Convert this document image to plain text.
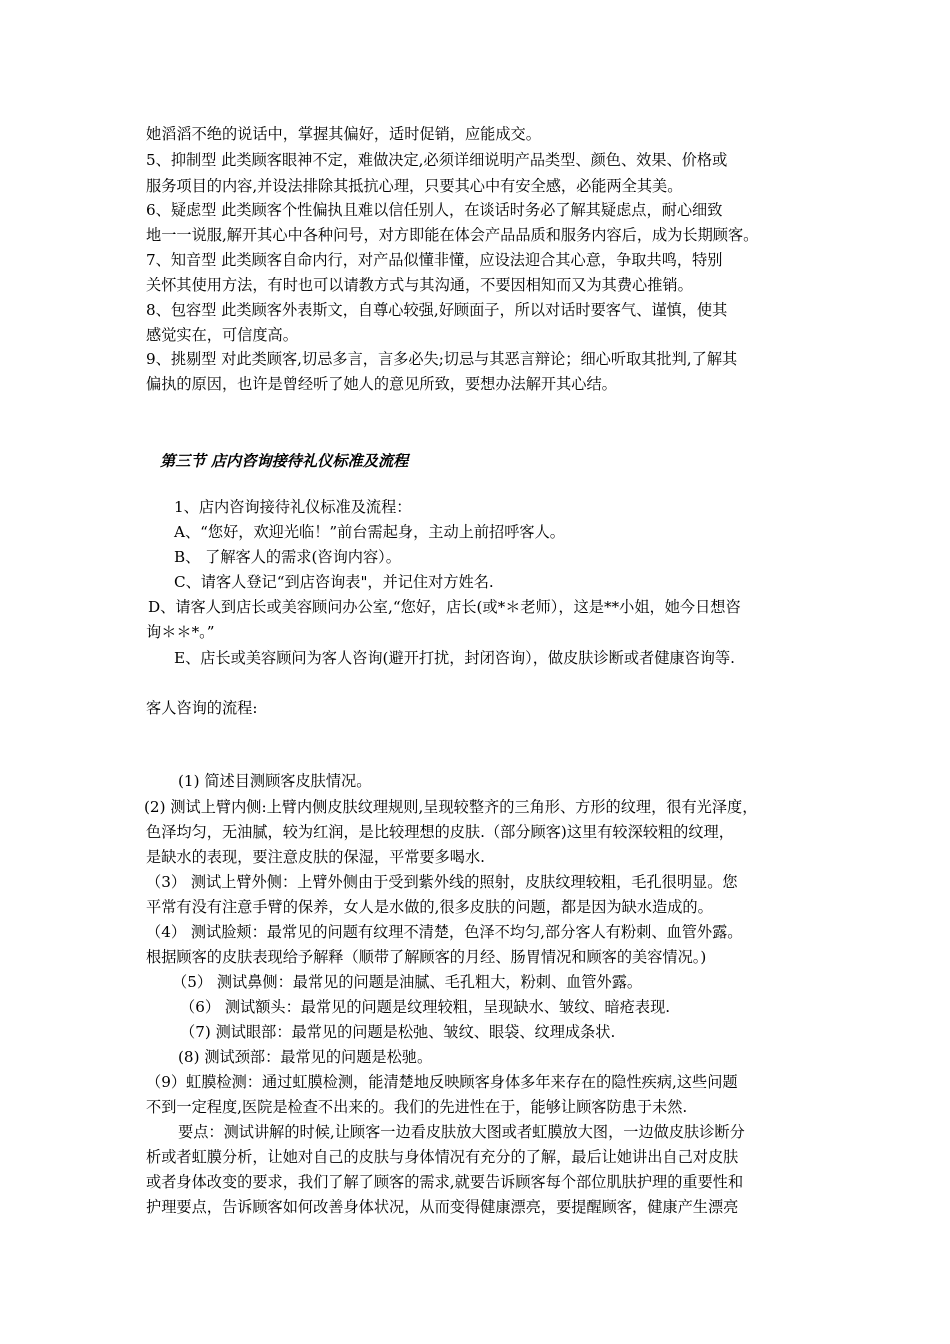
她滔滔不绝的说话中，掌握其偏好，适时促销，应能成交。
5、抑制型 此类顾客眼神不定，难做决定,必须详细说明产品类型、颜色、效果、价格或
服务项目的内容,并设法排除其抵抗心理，只要其心中有安全感，必能两全其美。
6、疑虑型 此类顾客个性偏执且难以信任别人，在谈话时务必了解其疑虑点，耐心细致
地一一说服,解开其心中各种问号，对方即能在体会产品品质和服务内容后，成为长期顾客。
7、知音型 此类顾客自命内行，对产品似懂非懂，应设法迎合其心意，争取共鸣，特别
关怀其使用方法，有时也可以请教方式与其沟通，不要因相知而又为其费心推销。
8、包容型 此类顾客外表斯文，自尊心较强,好顾面子，所以对话时要客气、谨慎，使其
感觉实在，可信度高。
9、挑剔型 对此类顾客,切忌多言，言多必失;切忌与其恶言辩论；细心听取其批判,了解其
偏执的原因，也许是曾经听了她人的意见所致，要想办法解开其心结。
第三节 店内咨询接待礼仪标准及流程
1、店内咨询接待礼仪标准及流程：
A、“您好，欢迎光临！”前台需起身，主动上前招呼客人。
B、 了解客人的需求(咨询内容）。
C、请客人登记“到店咨询表"，并记住对方姓名.
D、请客人到店长或美容顾问办公室,“您好，店长(或*＊老师），这是**小姐，她今日想咨
询＊＊*。”
E、店长或美容顾问为客人咨询(避开打扰，封闭咨询），做皮肤诊断或者健康咨询等.
客人咨询的流程:
(1) 简述目测顾客皮肤情况。
(2) 测试上臂内侧:上臂内侧皮肤纹理规则,呈现较整齐的三角形、方形的纹理，很有光泽度，
色泽均匀，无油腻，较为红润，是比较理想的皮肤.（部分顾客)这里有较深较粗的纹理，
是缺水的表现，要注意皮肤的保湿，平常要多喝水.
（3） 测试上臂外侧：上臂外侧由于受到紫外线的照射，皮肤纹理较粗，毛孔很明显。您
平常有没有注意手臂的保养，女人是水做的,很多皮肤的问题，都是因为缺水造成的。
（4） 测试脸颊：最常见的问题有纹理不清楚，色泽不均匀,部分客人有粉刺、血管外露。
根据顾客的皮肤表现给予解释（顺带了解顾客的月经、肠胃情况和顾客的美容情况。)
（5） 测试鼻侧：最常见的问题是油腻、毛孔粗大，粉刺、血管外露。
（6） 测试额头：最常见的问题是纹理较粗，呈现缺水、皱纹、暗疮表现.
（7) 测试眼部：最常见的问题是松弛、皱纹、眼袋、纹理成条状.
(8) 测试颈部：最常见的问题是松驰。
（9）虹膜检测：通过虹膜检测，能清楚地反映顾客身体多年来存在的隐性疾病,这些问题
不到一定程度,医院是检查不出来的。我们的先进性在于，能够让顾客防患于未然.
要点：测试讲解的时候,让顾客一边看皮肤放大图或者虹膜放大图，一边做皮肤诊断分
析或者虹膜分析，让她对自己的皮肤与身体情况有充分的了解，最后让她讲出自己对皮肤
或者身体改变的要求，我们了解了顾客的需求,就要告诉顾客每个部位肌肤护理的重要性和
护理要点，告诉顾客如何改善身体状况，从而变得健康漂亮，要提醒顾客，健康产生漂亮
